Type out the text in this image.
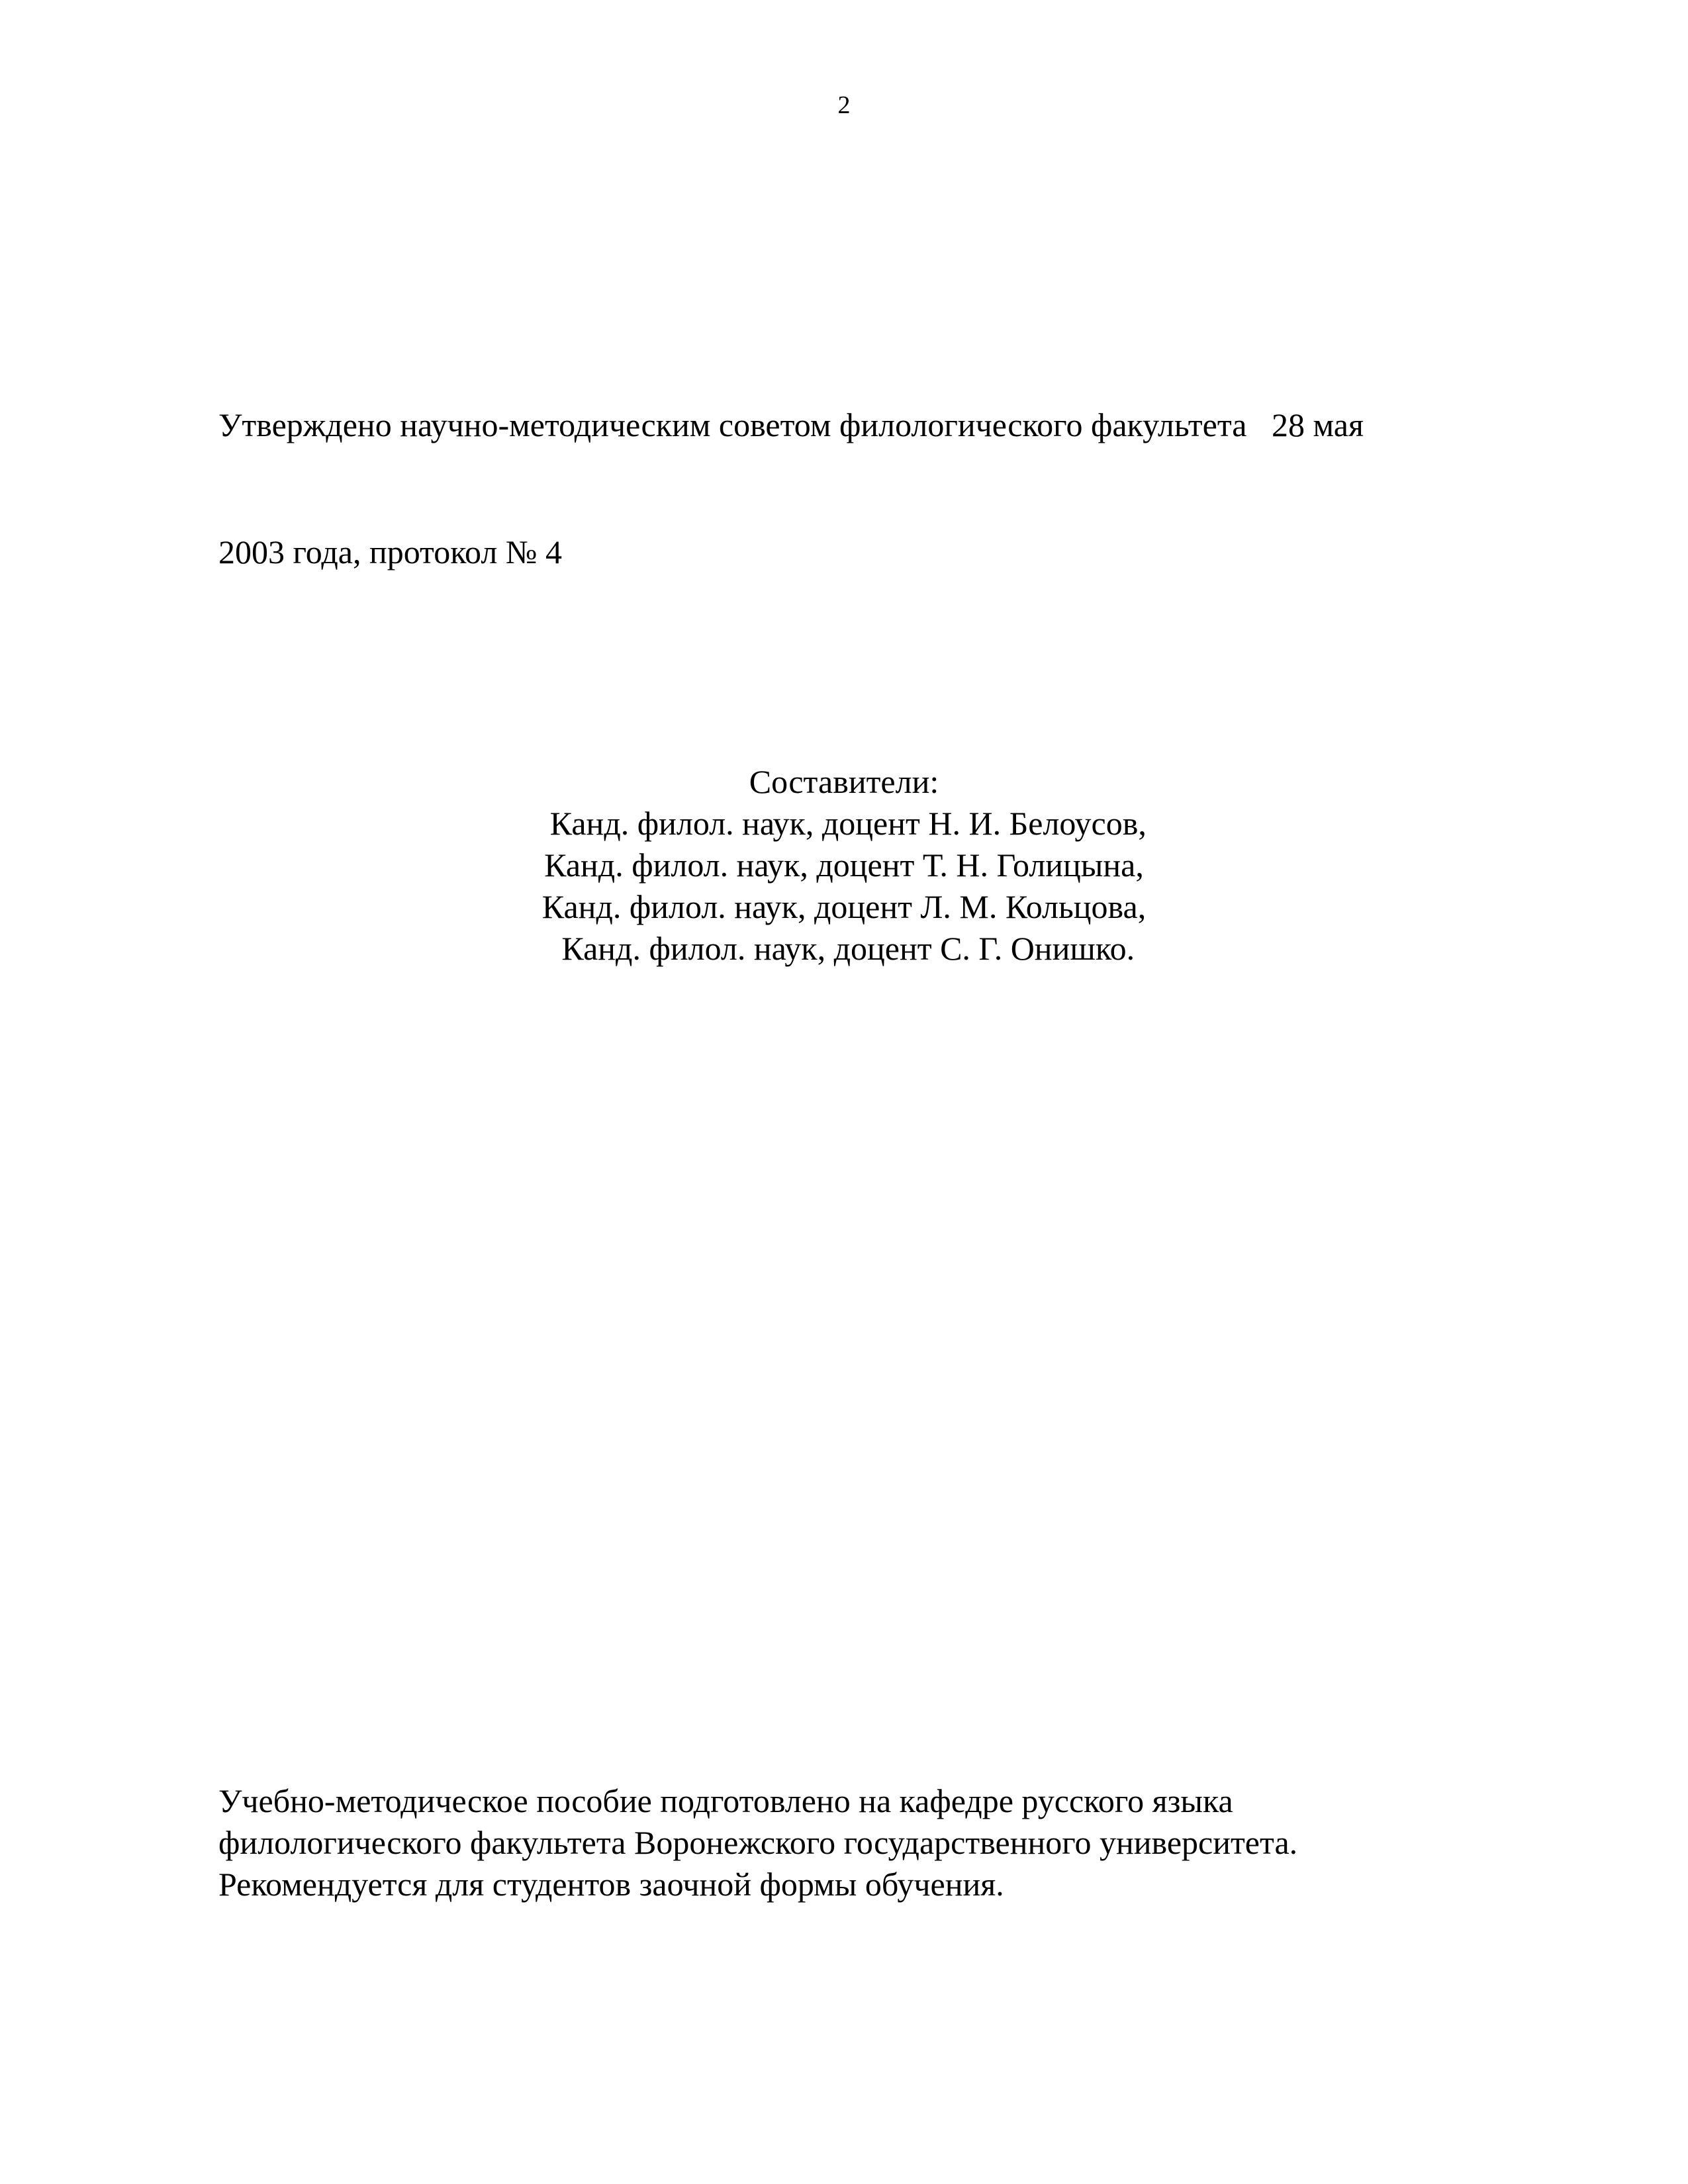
2

Утверждено научно-методическим советом филологического факультета   28 мая

2003 года, протокол № 4

Составители:
Канд. филол. наук, доцент Н. И. Белоусов,
Канд. филол. наук, доцент Т. Н. Голицына,
Канд. филол. наук, доцент Л. М. Кольцова,
Канд. филол. наук, доцент С. Г. Онишко.
Учебно-методическое пособие подготовлено на кафедре русского языка
филологического факультета Воронежского государственного университета.
Рекомендуется для студентов заочной формы обучения.
